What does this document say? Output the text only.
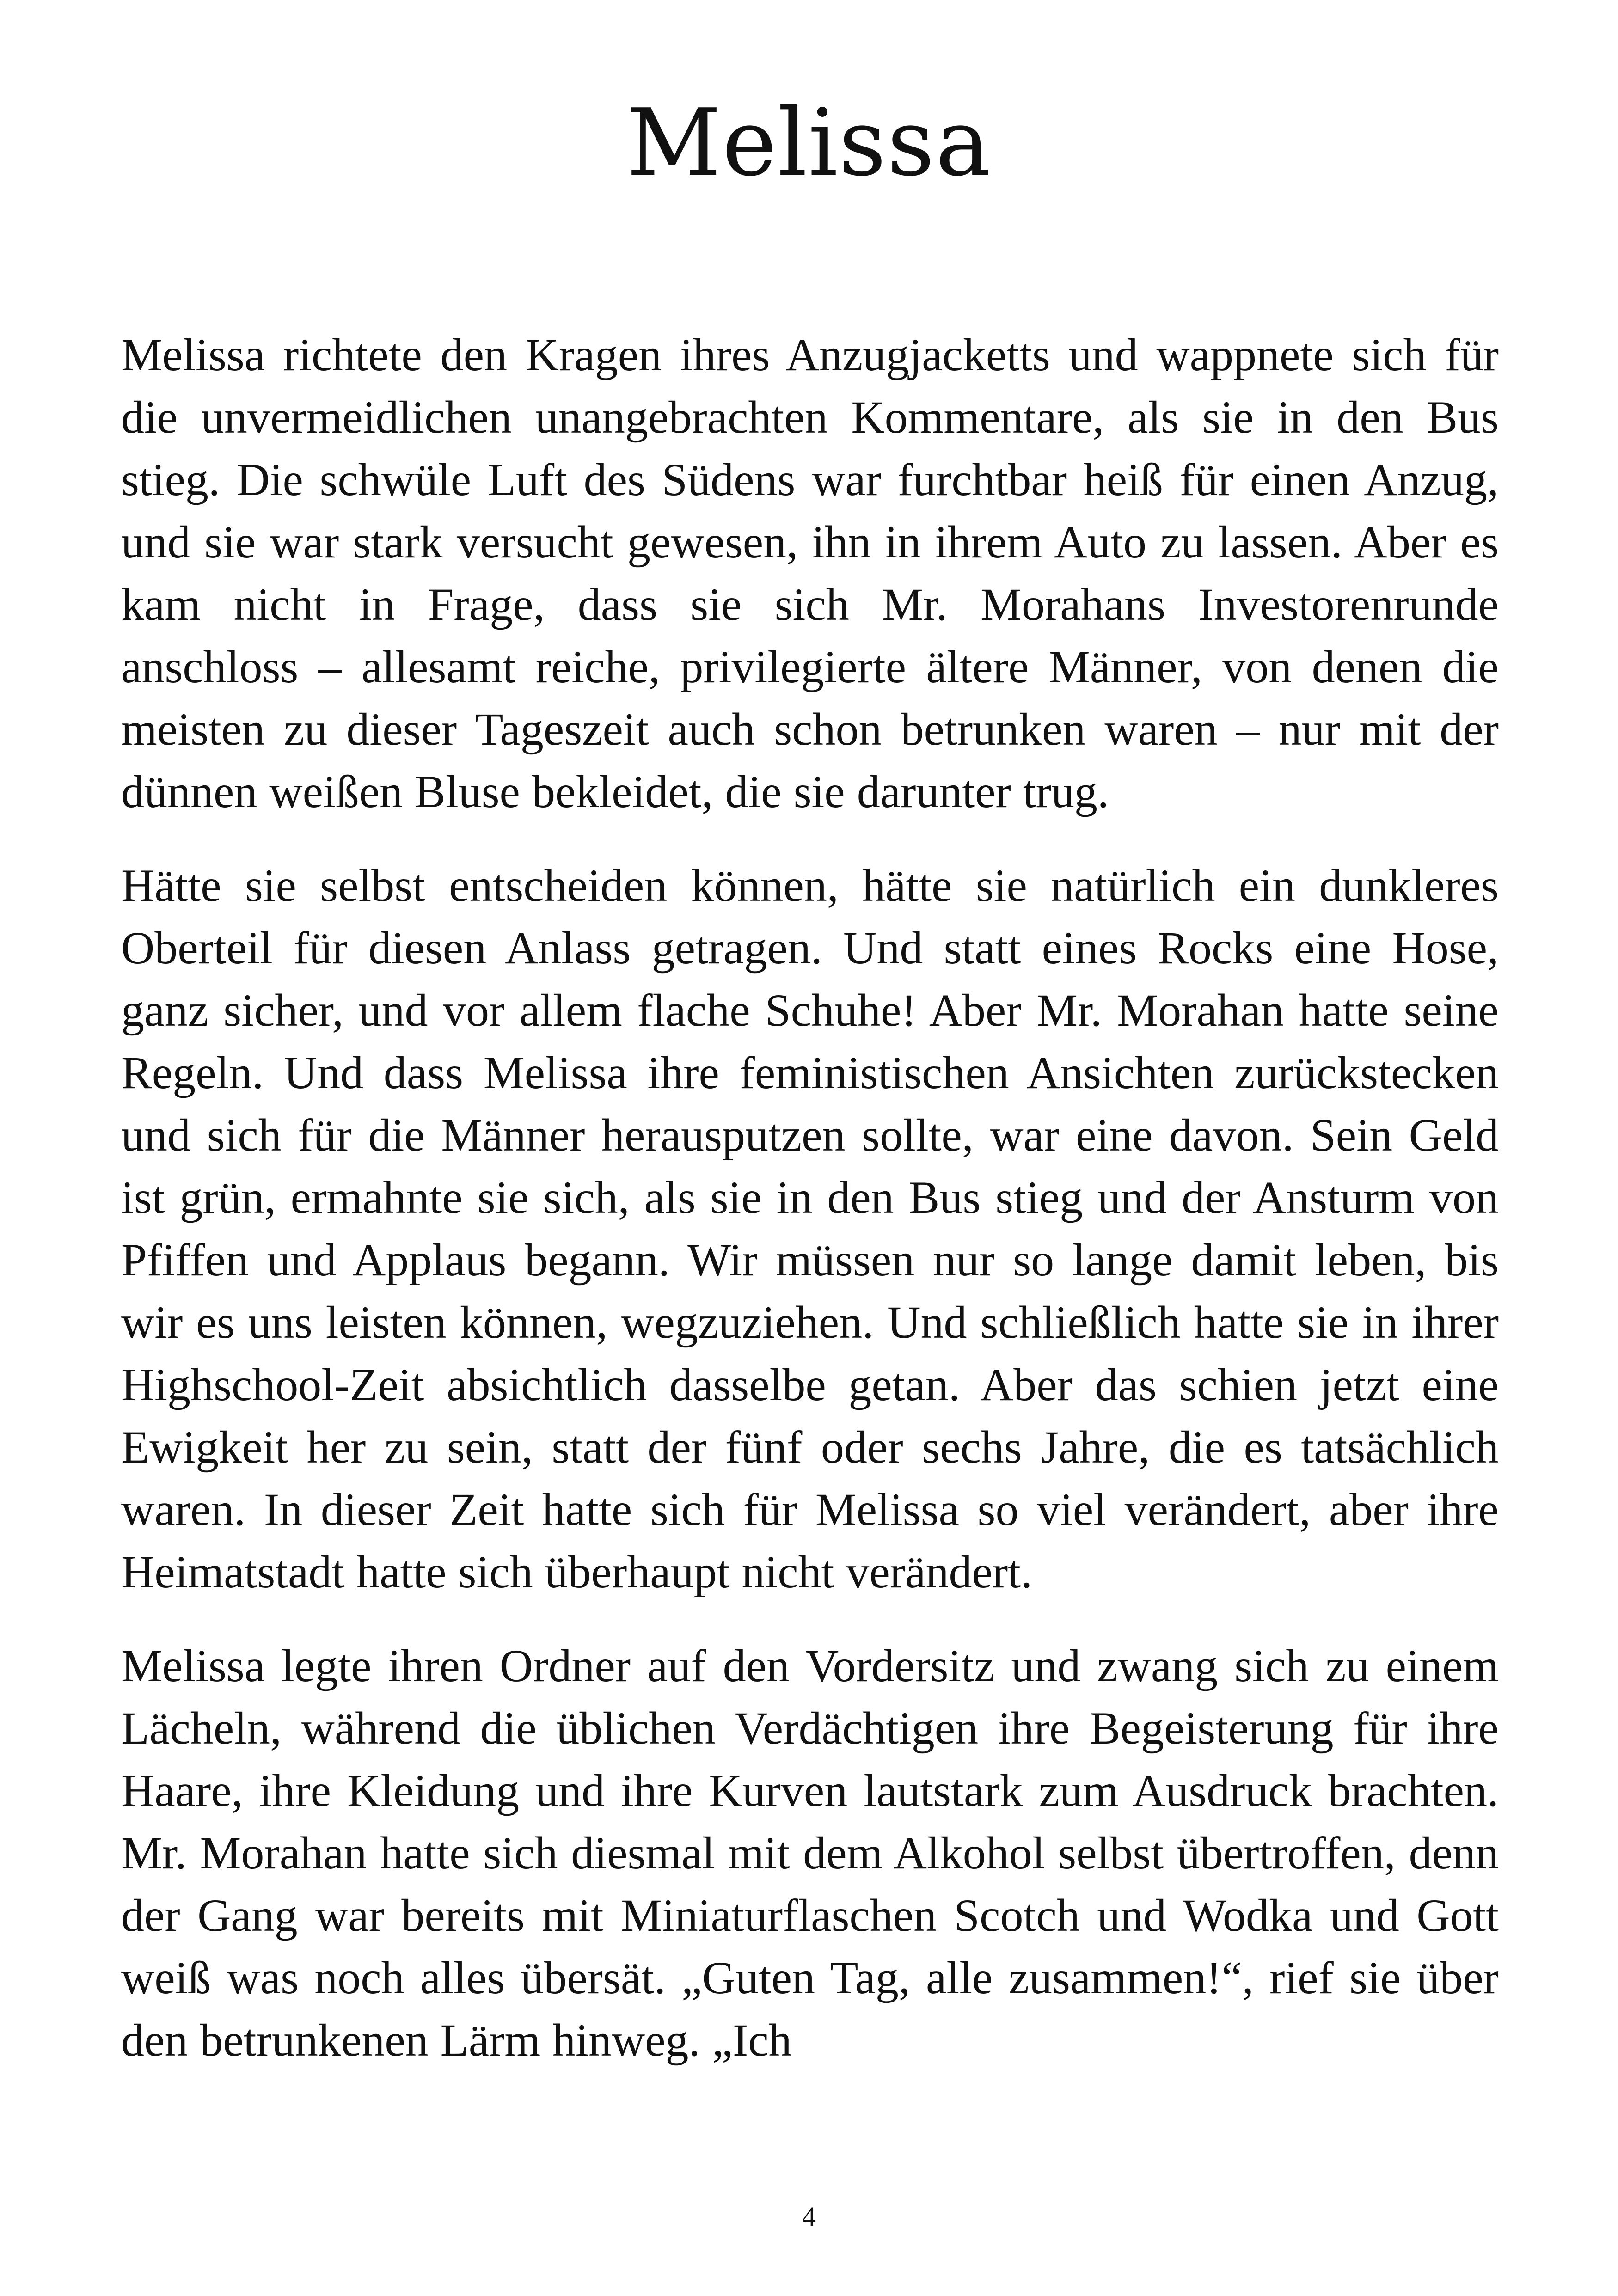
Melissa

Melissa richtete den Kragen ihres Anzugjacketts und wappnete sich für die unvermeidlichen unangebrachten Kommentare, als sie in den Bus stieg. Die schwüle Luft des Südens war furchtbar heiß für einen Anzug, und sie war stark versucht gewesen, ihn in ihrem Auto zu lassen. Aber es kam nicht in Frage, dass sie sich Mr. Morahans Investorenrunde anschloss – allesamt reiche, privilegierte ältere Männer, von denen die meisten zu dieser Tageszeit auch schon betrunken waren – nur mit der dünnen weißen Bluse bekleidet, die sie darunter trug.

Hätte sie selbst entscheiden können, hätte sie natürlich ein dunkleres Oberteil für diesen Anlass getragen. Und statt eines Rocks eine Hose, ganz sicher, und vor allem flache Schuhe! Aber Mr. Morahan hatte seine Regeln. Und dass Melissa ihre feministischen Ansichten zurückstecken und sich für die Männer herausputzen sollte, war eine davon. Sein Geld ist grün, ermahnte sie sich, als sie in den Bus stieg und der Ansturm von Pfiffen und Applaus begann. Wir müssen nur so lange damit leben, bis wir es uns leisten können, wegzuziehen. Und schließlich hatte sie in ihrer Highschool-Zeit absichtlich dasselbe getan. Aber das schien jetzt eine Ewigkeit her zu sein, statt der fünf oder sechs Jahre, die es tatsächlich waren. In dieser Zeit hatte sich für Melissa so viel verändert, aber ihre Heimatstadt hatte sich überhaupt nicht verändert.

Melissa legte ihren Ordner auf den Vordersitz und zwang sich zu einem Lächeln, während die üblichen Verdächtigen ihre Begeisterung für ihre Haare, ihre Kleidung und ihre Kurven lautstark zum Ausdruck brachten. Mr. Morahan hatte sich diesmal mit dem Alkohol selbst übertroffen, denn der Gang war bereits mit Miniaturflaschen Scotch und Wodka und Gott weiß was noch alles übersät. „Guten Tag, alle zusammen!“, rief sie über den betrunkenen Lärm hinweg. „Ich

4
